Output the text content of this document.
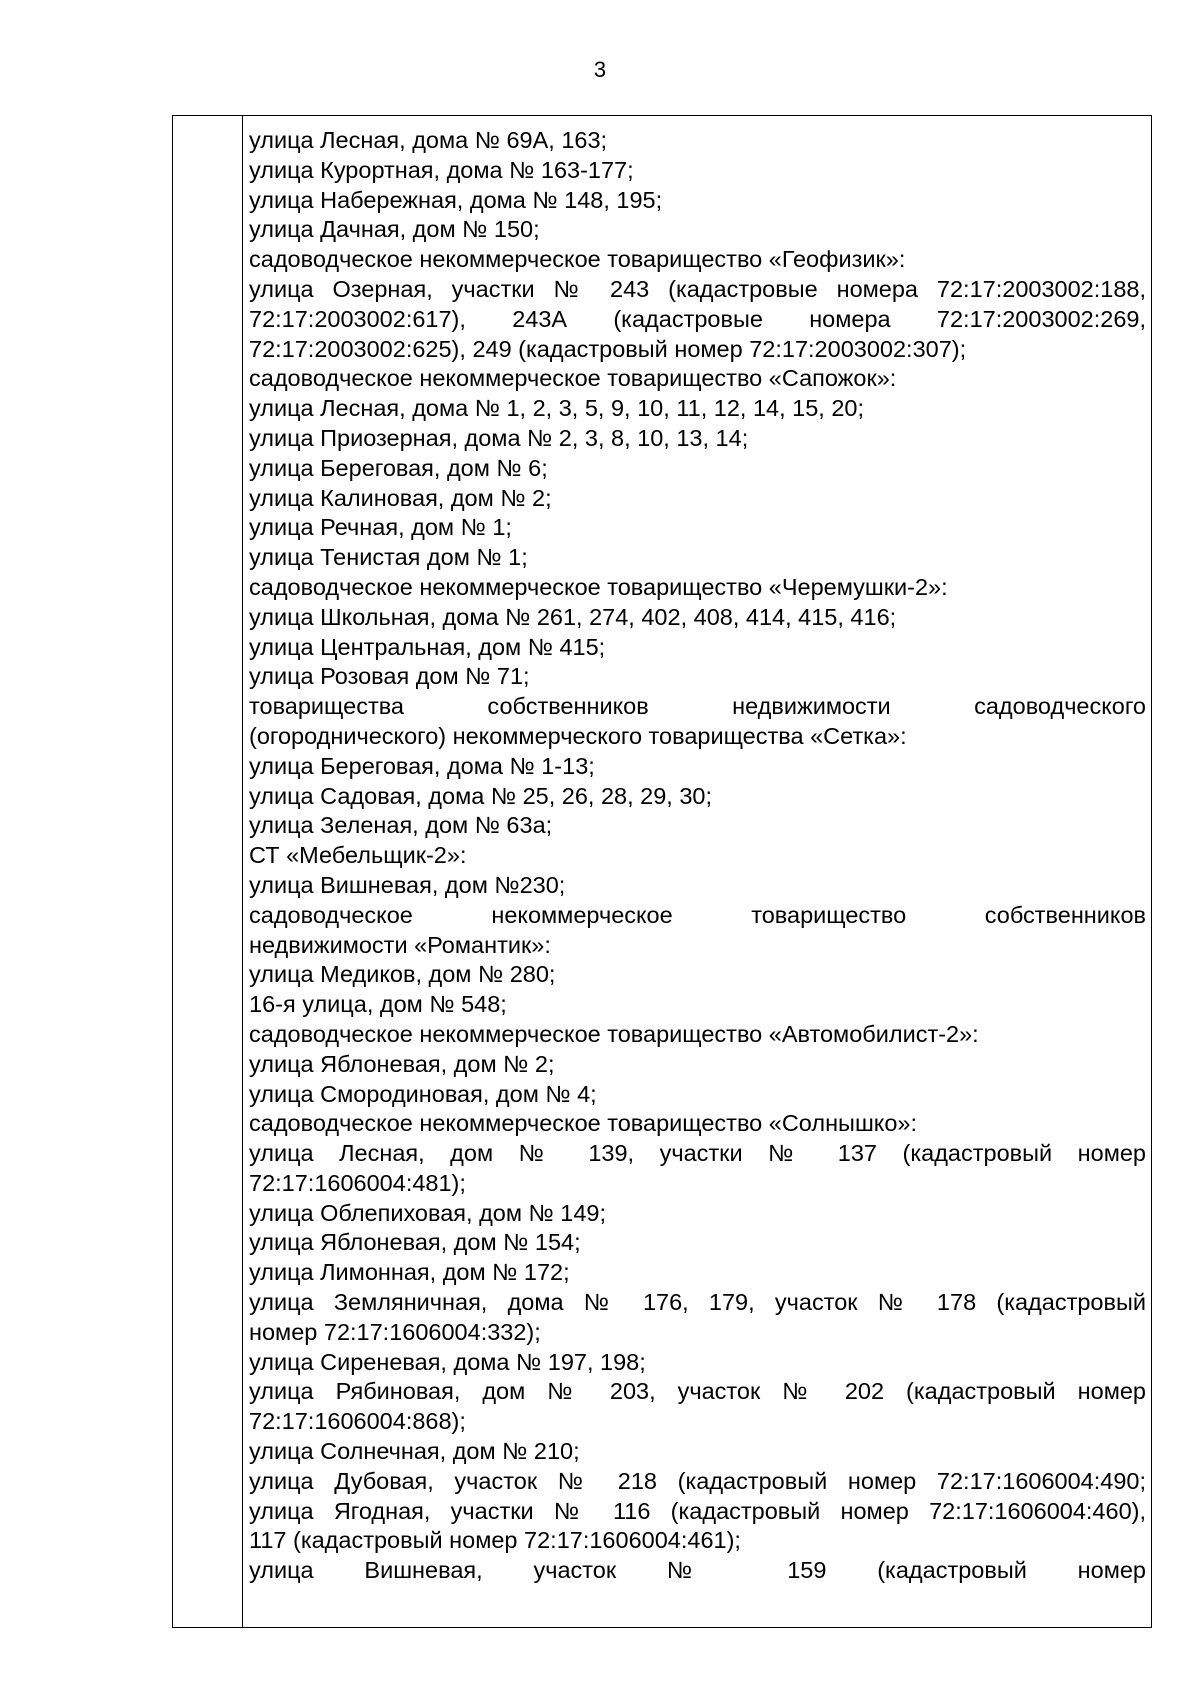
3
улица Лесная, дома № 69А, 163;
улица Курортная, дома № 163-177;
улица Набережная, дома № 148, 195;
улица Дачная, дом № 150;
садоводческое некоммерческое товарищество «Геофизик»:
улица Озерная, участки № 243 (кадастровые номера 72:17:2003002:188,
72:17:2003002:617), 243А (кадастровые номера 72:17:2003002:269,
72:17:2003002:625), 249 (кадастровый номер 72:17:2003002:307);
садоводческое некоммерческое товарищество «Сапожок»:
улица Лесная, дома № 1, 2, 3, 5, 9, 10, 11, 12, 14, 15, 20;
улица Приозерная, дома № 2, 3, 8, 10, 13, 14;
улица Береговая, дом № 6;
улица Калиновая, дом № 2;
улица Речная, дом № 1;
улица Тенистая дом № 1;
садоводческое некоммерческое товарищество «Черемушки-2»:
улица Школьная, дома № 261, 274, 402, 408, 414, 415, 416;
улица Центральная, дом № 415;
улица Розовая дом № 71;
товарищества собственников недвижимости садоводческого
(огороднического) некоммерческого товарищества «Сетка»:
улица Береговая, дома № 1-13;
улица Садовая, дома № 25, 26, 28, 29, 30;
улица Зеленая, дом № 63а;
СТ «Мебельщик-2»:
улица Вишневая, дом №230;
садоводческое некоммерческое товарищество собственников
недвижимости «Романтик»:
улица Медиков, дом № 280;
16-я улица, дом № 548;
садоводческое некоммерческое товарищество «Автомобилист-2»:
улица Яблоневая, дом № 2;
улица Смородиновая, дом № 4;
садоводческое некоммерческое товарищество «Солнышко»:
улица Лесная, дом № 139, участки № 137 (кадастровый номер
72:17:1606004:481);
улица Облепиховая, дом № 149;
улица Яблоневая, дом № 154;
улица Лимонная, дом № 172;
улица Земляничная, дома № 176, 179, участок № 178 (кадастровый
номер 72:17:1606004:332);
улица Сиреневая, дома № 197, 198;
улица Рябиновая, дом № 203, участок № 202 (кадастровый номер
72:17:1606004:868);
улица Солнечная, дом № 210;
улица Дубовая, участок № 218 (кадастровый номер 72:17:1606004:490;
улица Ягодная, участки № 116 (кадастровый номер 72:17:1606004:460),
117 (кадастровый номер 72:17:1606004:461);
улица Вишневая, участок № 159 (кадастровый номер
